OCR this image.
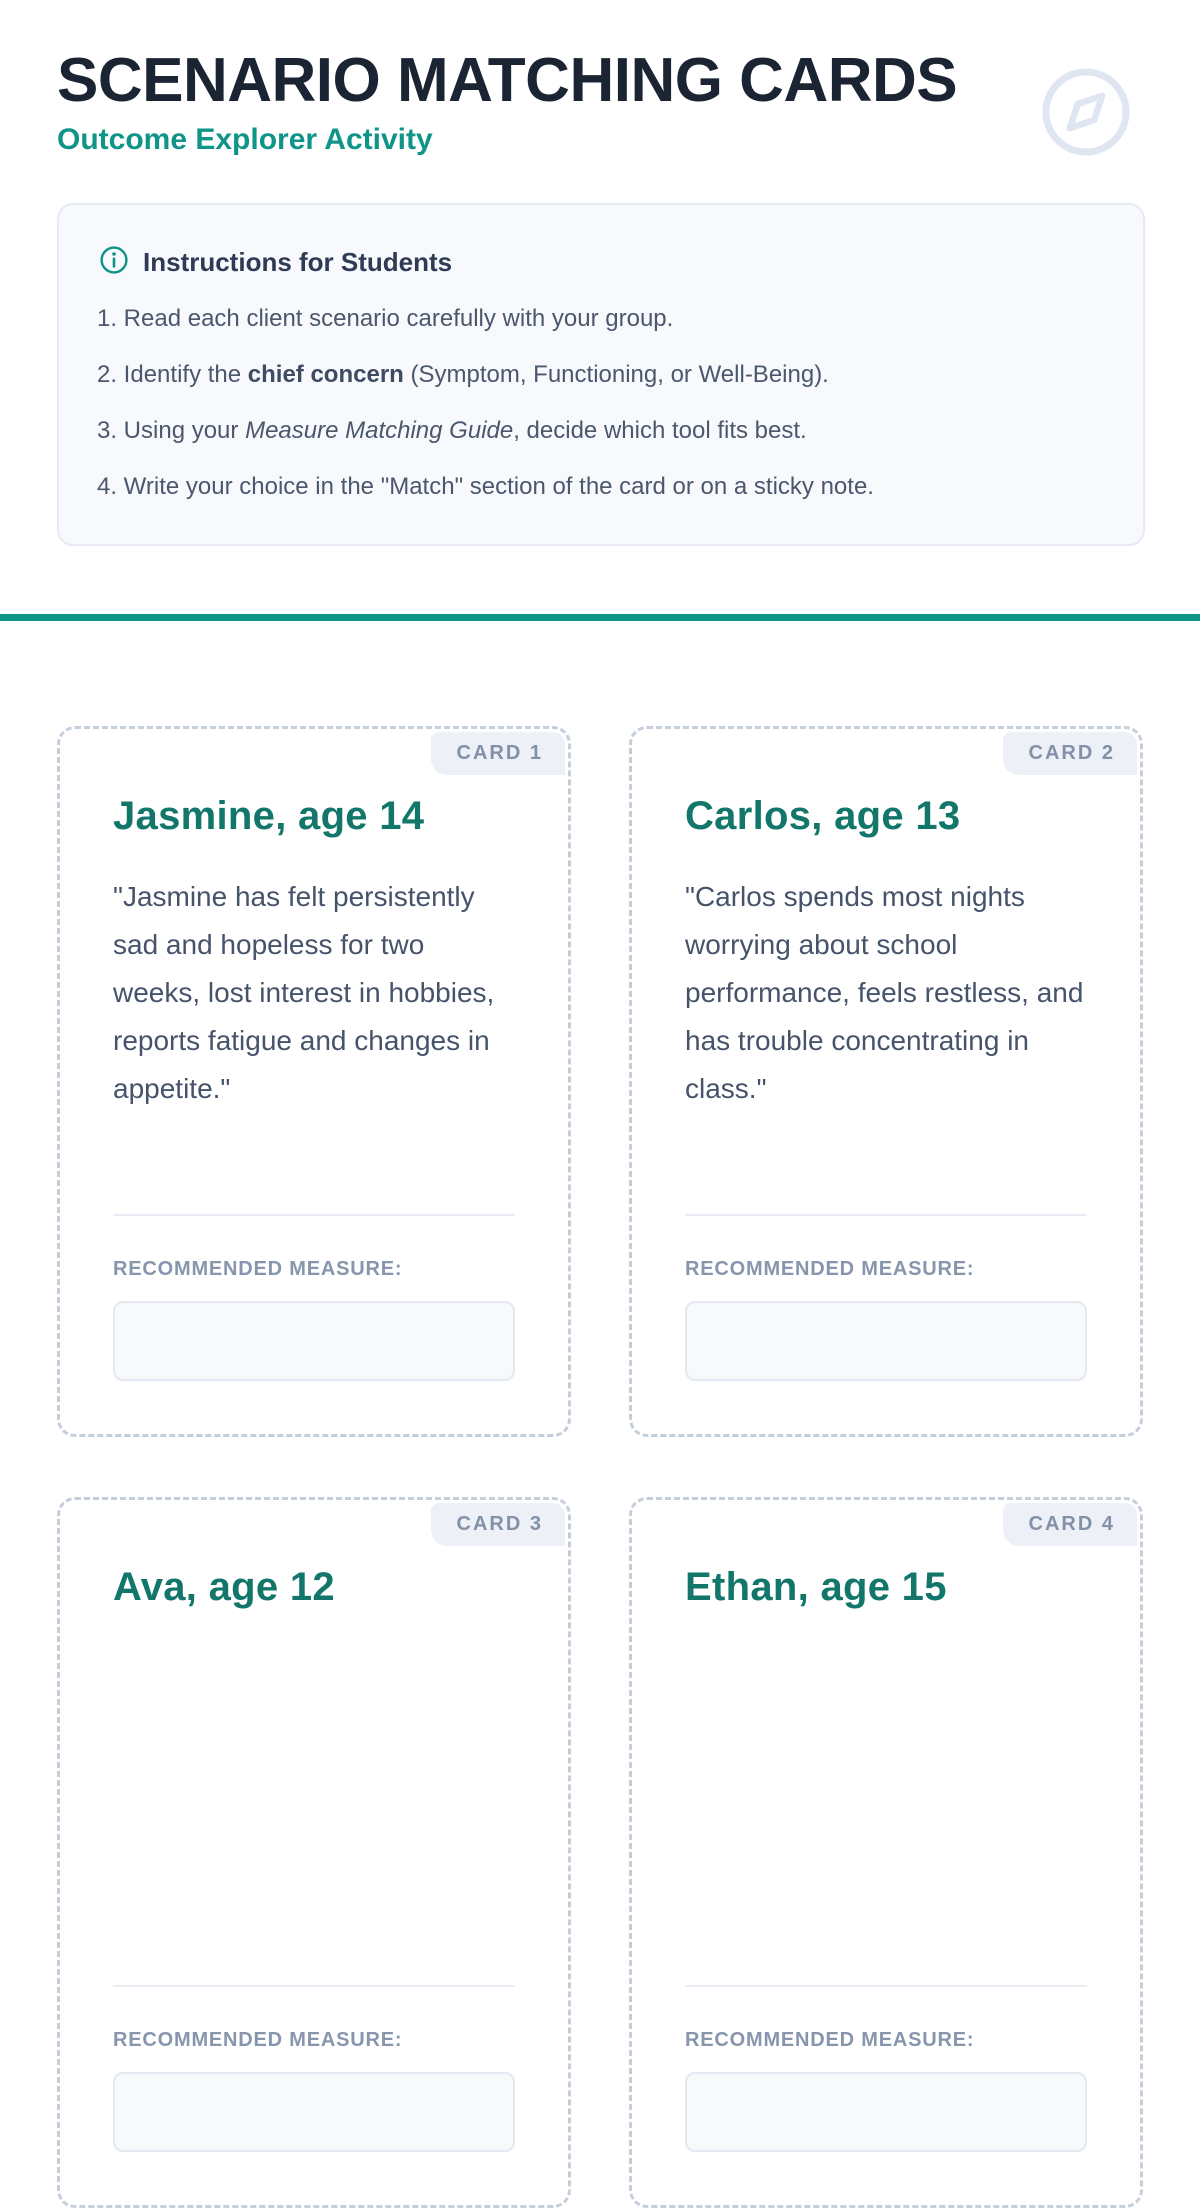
SCENARIO MATCHING CARDS
Outcome Explorer Activity
Instructions for Students

1. Read each client scenario carefully with your group.

2. Identify the chief concern (Symptom, Functioning, or Well-Being).

3. Using your Measure Matching Guide, decide which tool fits best.

4. Write your choice in the "Match" section of the card or on a sticky note.

CARD 1
Jasmine, age 14

"Jasmine has felt persistently sad and hopeless for two weeks, lost interest in hobbies, reports fatigue and changes in appetite."

RECOMMENDED MEASURE:
CARD 2
Carlos, age 13

"Carlos spends most nights worrying about school performance, feels restless, and has trouble concentrating in class."

RECOMMENDED MEASURE:
CARD 3
Ava, age 12

RECOMMENDED MEASURE:
CARD 4
Ethan, age 15

RECOMMENDED MEASURE:
